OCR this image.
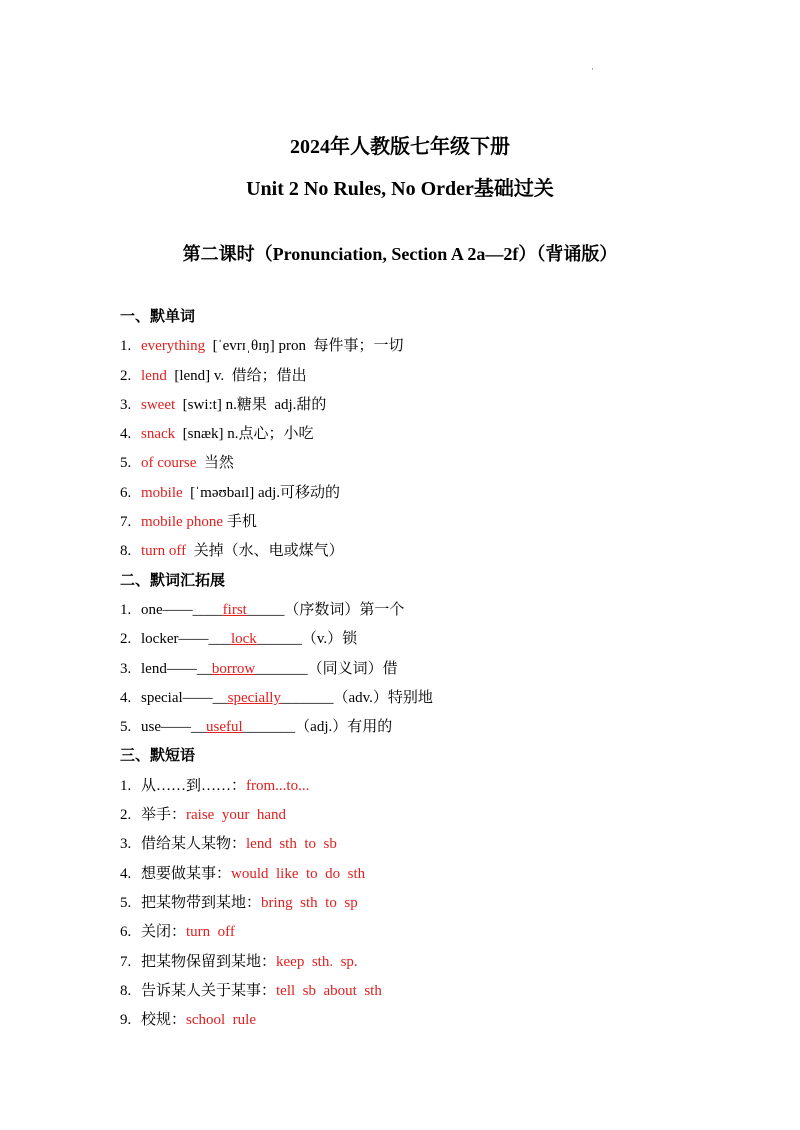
·
2024年人教版七年级下册
Unit 2 No Rules, No Order基础过关
第二课时（Pronunciation, Section A 2a—2f）（背诵版）
一、默单词
1. everything  [ˈevrɪˌθɪŋ] pron  每件事；一切
2. lend  [lend] v.  借给；借出
3. sweet  [swi:t] n.糖果  adj.甜的
4. snack  [snæk] n.点心；小吃
5. of course  当然
6. mobile  [ˈməʊbaɪl] adj.可移动的
7. mobile phone 手机
8. turn off  关掉（水、电或煤气）
二、默词汇拓展
1. one——____first_____（序数词）第一个
2. locker——___lock______（v.）锁
3. lend——__borrow_______（同义词）借
4. special——__specially_______（adv.）特别地
5. use——__useful_______（adj.）有用的
三、默短语
1. 从……到……：from...to...
2. 举手：raise  your  hand
3. 借给某人某物：lend  sth  to  sb
4. 想要做某事：would  like  to  do  sth
5. 把某物带到某地：bring  sth  to  sp
6. 关闭：turn  off
7. 把某物保留到某地：keep  sth.  sp.
8. 告诉某人关于某事：tell  sb  about  sth
9. 校规：school  rule
